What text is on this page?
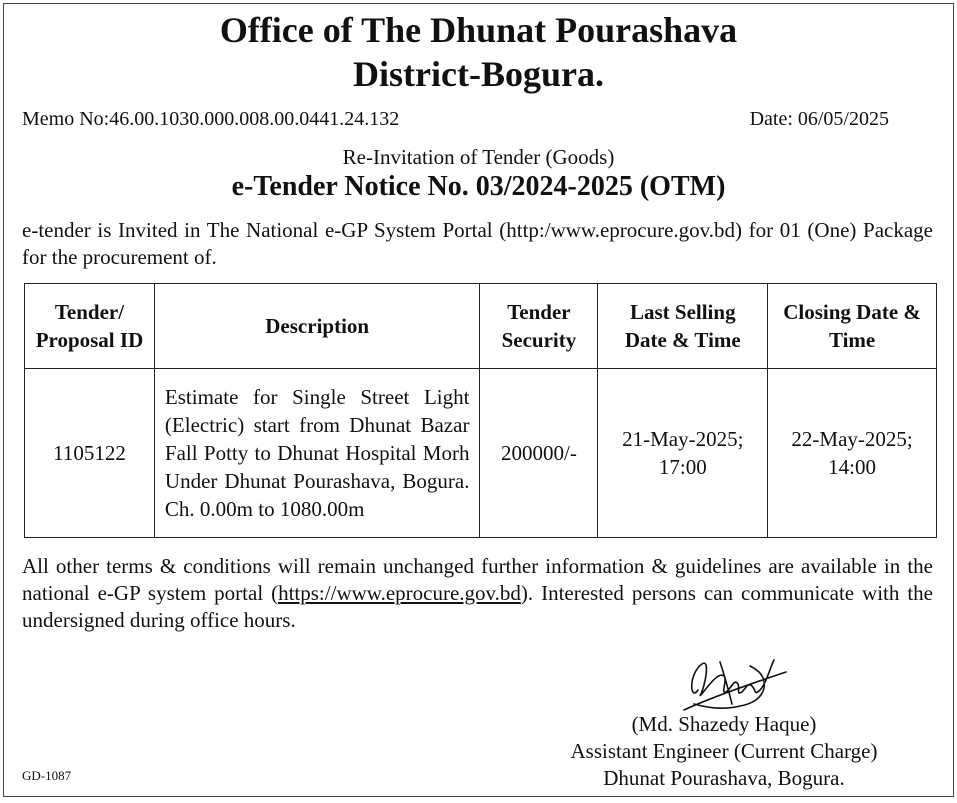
Office of The Dhunat Pourashava
District-Bogura.
Memo No:46.00.1030.000.008.00.0441.24.132	Date: 06/05/2025
Re-Invitation of Tender (Goods)
e-Tender Notice No. 03/2024-2025 (OTM)
e-tender is Invited in The National e-GP System Portal (http:/www.eprocure.gov.bd) for 01 (One) Package for the procurement of.
Tender/ Proposal ID	Description	Tender Security	Last Selling Date & Time	Closing Date & Time
1105122	Estimate for Single Street Light (Electric) start from Dhunat Bazar Fall Potty to Dhunat Hospital Morh Under Dhunat Pourashava, Bogura. Ch. 0.00m to 1080.00m	200000/-	21-May-2025; 17:00	22-May-2025; 14:00
All other terms & conditions will remain unchanged further information & guidelines are available in the national e-GP system portal (https://www.eprocure.gov.bd). Interested persons can communicate with the undersigned during office hours.
(Md. Shazedy Haque)
Assistant Engineer (Current Charge)
Dhunat Pourashava, Bogura.
GD-1087
